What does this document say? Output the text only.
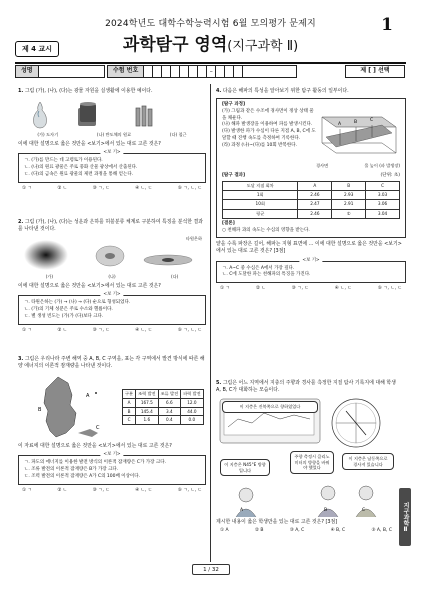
2024학년도 대학수학능력시험 6월 모의평가 문제지	1
제 4 교시	과학탐구 영역(지구과학 Ⅱ)
성명	수험 번호	–	제 [ ] 선택
1. 그림 (가), (나), (다)는 광물 자원을 실생활에 이용한 예이다.
(가) 도자기	(나) 반도체의 원료	(다) 철근
이에 대한 설명으로 옳은 것만을 <보기>에서 있는 대로 고른 것은?
<보 기>
ㄱ. (가)를 만드는 데 고령토가 이용된다.
ㄴ. (나)의 원료 광물은 주로 풍화 산물 광상에서 산출된다.
ㄷ. (다)의 금속은 원료 광물의 제련 과정을 통해 얻는다.
① ㄱ	② ㄴ	③ ㄱ, ㄷ	④ ㄴ, ㄷ	⑤ ㄱ, ㄴ, ㄷ
2. 그림 (가), (나), (다)는 성운과 은하를 허블분류 체계로 구분하여 특징을 분석한 결과를 나타낸 것이다.
타원은하
(가)	(나)	(다)
이에 대한 설명으로 옳은 것만을 <보기>에서 있는 대로 고른 것은?
<보 기>
ㄱ. 타원은하는 (가) → (나) → (다) 순으로 형성되었다.
ㄴ. (가)의 기체 성분은 주로 수소와 헬륨이다.
ㄷ. 별 생성 빈도는 (가)가 (다)보다 크다.
① ㄱ	② ㄴ	③ ㄱ, ㄷ	④ ㄴ, ㄷ	⑤ ㄱ, ㄴ, ㄷ
3. 그림은 우리나라 주변 해역 중 A, B, C 구역을, 표는 각 구역에서 발견 방식에 따른 해양 에너지의 이론적 잠재량을 나타낸 것이다.
A
B
C
구분	조력 발전	조류 발전	파력 발전
A	167.5	6.6	12.0
B	145.4	3.4	44.0
C	1.6	0.4	0.0
이 자료에 대한 설명으로 옳은 것만을 <보기>에서 있는 대로 고른 것은?
<보 기>
ㄱ. 파도의 에너지를 이용한 발전 방식의 이론적 잠재량은 C가 가장 크다.
ㄴ. 조류 발전의 이론적 잠재량은 B가 가장 크다.
ㄷ. 조력 발전의 이론적 잠재량은 A가 C의 100배 이상이다.
① ㄱ	② ㄴ	③ ㄱ, ㄷ	④ ㄴ, ㄷ	⑤ ㄱ, ㄴ, ㄷ
4. 다음은 해파의 특성을 알아보기 위한 탐구 활동의 일부이다.
[탐구 과정]
(가) 그림과 같은 수조에 경사면이 정상 상태 물을 채운다.
(나) 해파 발생장을 이용하여 파를 발생시킨다.
(다) 발생한 파가 수심이 다른 지점 A, B, C에 도달할 때 진행 속도를 측정하여 기록한다.
(라) 과정 (나)~(다)를 10회 반복한다.
A	B	C
경사면	물 높이 (파 발생장)
[탐구 결과]	(단위: 초)
도달 지점 회차	A	B	C
1회	2.46	2.93	3.03
10회	2.47	2.91	3.06
평균	2.46	①	3.04
[결론]
○ 천해파 과의 속도는 수심의 영향을 받는다.
얕을 수록 파장은 길어, 해파는 지형 표면에 ... 이에 대한 설명으로 옳은 것만을 <보기>에서 있는 대로 고른 것은? [3점]
<보 기>
ㄱ. A~C 중 수심은 A에서 가장 깊다.
ㄴ. C에 도달한 파는 천해파의 특징을 가진다.
① ㄱ	② ㄴ	③ ㄱ, ㄷ	④ ㄴ, ㄷ	⑤ ㄱ, ㄴ, ㄷ
5. 그림은 어느 지역에서 지층의 주향과 경사를 측정한 지질 탐사 기록지에 대해 학생 A, B, C가 대화하는 모습이다.
A	B	C
이 지층은 진북쪽으로 향하였었다
주향 측정시 클리노미터의 방향을 바꿔야 했었다
이 지층은 N45°E 방향입니다
이 지층은 남동쪽으로 경사져 있습니다
제시한 내용이 옳은 학생만을 있는 대로 고른 것은? [3점]
① A	② B	③ A, C	④ B, C	⑤ A, B, C	지구과학Ⅱ
1 / 32
